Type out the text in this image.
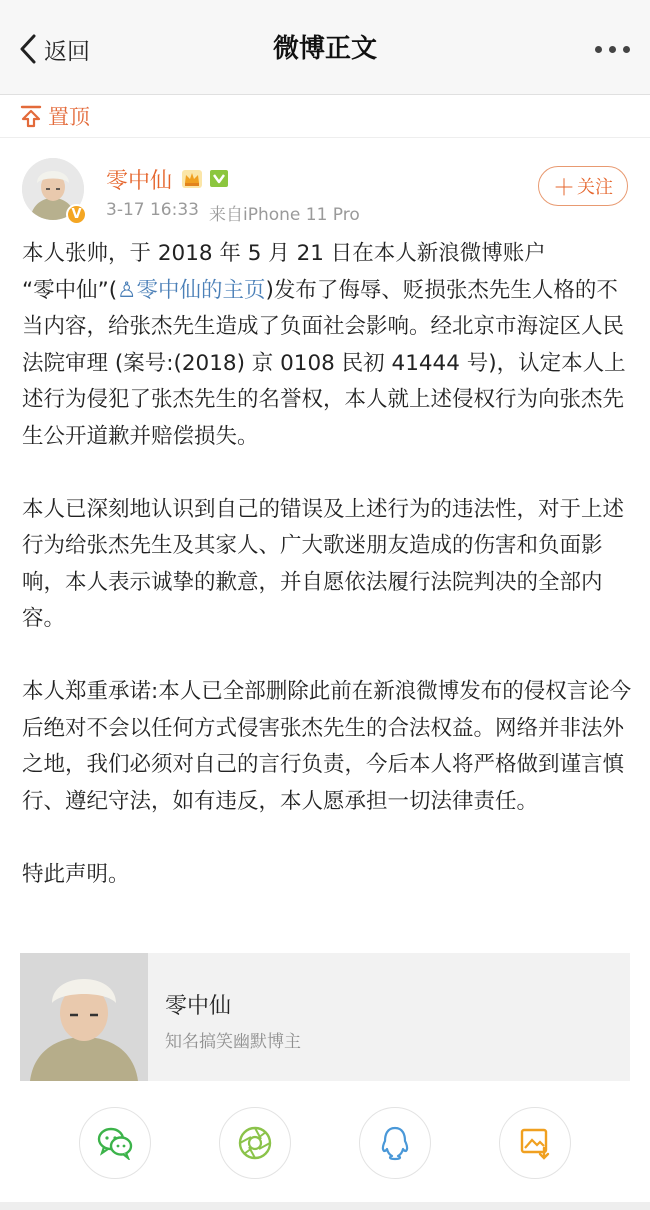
返回	微博正文
置顶
V
零中仙
3-17 16:33 来自iPhone 11 Pro
＋ 关注
本人张帅，于 2018 年 5 月 21 日在本人新浪微博账户
“零中仙”(♙零中仙的主页)发布了侮辱、贬损张杰先生人格的不当内容，给张杰先生造成了负面社会影响。经北京市海淀区人民法院审理 (案号:(2018) 京 0108 民初 41444 号)，认定本人上述行为侵犯了张杰先生的名誉权，本人就上述侵权行为向张杰先生公开道歉并赔偿损失。

本人已深刻地认识到自己的错误及上述行为的违法性，对于上述行为给张杰先生及其家人、广大歌迷朋友造成的伤害和负面影响，本人表示诚挚的歉意，并自愿依法履行法院判决的全部内容。

本人郑重承诺:本人已全部删除此前在新浪微博发布的侵权言论今后绝对不会以任何方式侵害张杰先生的合法权益。网络并非法外之地，我们必须对自己的言行负责，今后本人将严格做到谨言慎行、遵纪守法，如有违反，本人愿承担一切法律责任。

特此声明。
零中仙
知名搞笑幽默博主
